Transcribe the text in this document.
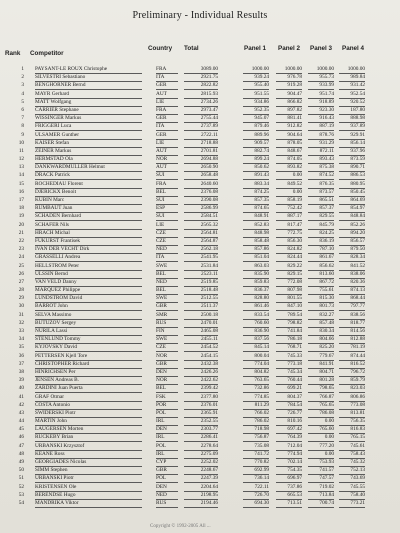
Preliminary - Individual Results
Rank Competitor
Country Total	Panel 1 Panel 2 Panel 3 Panel 4
1 PAYSANT-LE ROUX Christophe	FRA	3089.00	1000.00	1000.00	1000.00	1000.00
2 SILVESTRI Sebastiano	ITA	2921.75	939.24	976.78	955.73	989.84
3 BENGHORNER Bernd	GER	2822.82	955.40	919.28	933.99	931.42
4 MAYR Gerhard	AUT	2815.93	951.55	904.47	951.74	952.54
5 MATT Wolfgang	LIE	2734.26	934.86	866.82	918.89	920.52
6 CARRIER Stephane	FRA	2973.47	952.35	897.82	923.30	187.80
7 WISSINGER Markus	GER	2755.44	945.07	881.41	916.43	888.98
8 FRIGGERI Luca	ITA	2737.89	879.46	912.82	887.19	937.89
9 ULSAMER Gunther	GER	2722.11	889.96	904.64	878.76	929.91
10 KAISER Stefan	LIE	2718.88	909.57	878.05	931.29	856.14
11 ZEINER Markus	AUT	2701.81	882.74	848.67	872.11	937.96
12 HERMSTAD Ola	NOR	2694.88	899.24	874.05	893.43	873.59
13 DANKWARDMULLER Helmut	AUT	2650.90	850.62	893.82	875.38	890.71
14 DRACK Patrick	SUI	2658.48	891.43	0.00	874.52	886.53
15 ROCHEDIAU Florent	FRA	2640.60	883.34	849.52	876.35	880.95
16 DJERICKX Benoit	BEL	2376.08	874.25	0.00	873.57	850.45
17 KUBIN Marc	SUI	2390.08	857.35	858.19	865.51	864.69
18 RUMBAUT Juan	ESP	2586.99	874.65	752.42	857.37	854.97
19 SCHADEN Bernhard	SUI	2584.51	848.91	887.17	829.55	848.84
20 SCHAFER Nils	LIE	2565.32	852.83	817.47	845.79	852.26
21 HRACH Michal	CZE	2564.81	848.98	772.75	824.25	894.20
22 FUKURST Frantisek	CZE	2564.87	858.48	856.30	836.19	856.57
23 IVAN DER VECHT Dirk	NED	2562.18	857.86	824.82	787.10	879.50
24 GRASSELLI Andrea	ITA	2541.95	851.04	824.44	861.67	828.34
25 HELLSTROM Peter	SWE	2531.84	863.03	829.22	856.62	841.52
26 ULSSIN Bernd	BEL	2523.11	835.90	829.15	813.60	838.06
27 VAN VELD Danny	NED	2519.85	859.83	772.08	867.72	820.36
28 MARQUEZ Philippe	BEL	2518.48	836.37	807.98	755.61	874.13
29 LUNDSTROM David	SWE	2512.55	828.80	801.55	815.30	868.44
30 BARROT John	GBR	2511.37	861.46	847.10	801.73	797.77
31 SELVA Massimo	SMR	2500.18	833.54	789.54	832.27	838.56
32 BUTUZOV Sergey	RUS	2470.01	760.60	798.82	857.48	818.77
33 NURILA Lassi	FIN	2465.08	836.90	741.84	830.34	814.56
34 STENLUND Tommy	SWE	2455.11	837.56	786.18	804.66	812.88
35 KYJOVSKY David	CZE	2454.52	845.14	768.71	825.20	781.19
36 PETTERSEN Kjell Tore	NOR	2454.15	800.04	745.33	779.67	874.44
37 CHRISTOPHER Richard	GBR	2432.38	774.04	773.18	841.91	816.52
38 HINRICHSEN Per	DEN	2426.26	804.82	745.34	804.71	796.72
39 JENSEN Andreas B.	NOR	2422.62	763.65	760.44	801.28	859.79
40 ZARDINI Juan Puerta	BEL	2399.42	732.86	699.21	798.65	823.03
41 GRAF Otmar	FSK	2377.80	774.85	804.37	766.87	806.86
42 COSTA Antonio	POR	2376.01	811.29	784.54	765.65	773.08
43 SWIDERSKI Piotr	POL	2365.91	766.02	726.77	786.08	813.81
44 MARTIN John	IRL	2352.55	786.02	810.16	0.00	756.35
45 LAUGERSEN Morten	DEN	2303.77	718.98	697.42	765.60	816.83
46 RUCKEBY Brian	IRL	2286.41	756.87	764.39	0.00	765.15
47 URBANSKI Krzysztof	POL	2278.64	735.08	712.04	777.20	745.61
48 KEANE Ross	IRL	2275.09	741.72	774.94	0.00	758.43
49 GEORGIADES Nicolas	CYP	2252.02	770.82	702.14	753.93	745.32
50 SIMM Stephen	GBR	2248.67	692.99	754.35	741.57	752.13
51 URBANSKI Piotr	POL	2247.39	736.14	696.97	747.57	743.69
52 KRISTENSEN Ole	DEN	2204.64	722.11	737.86	719.02	745.55
53 BERENDSE Hugo	NED	2198.95	726.70	665.53	713.84	758.40
54 MANDRIKA Viktor	RUS	2194.46	694.30	713.51	700.74	773.21
Copyright © 1992-2005 All ...
